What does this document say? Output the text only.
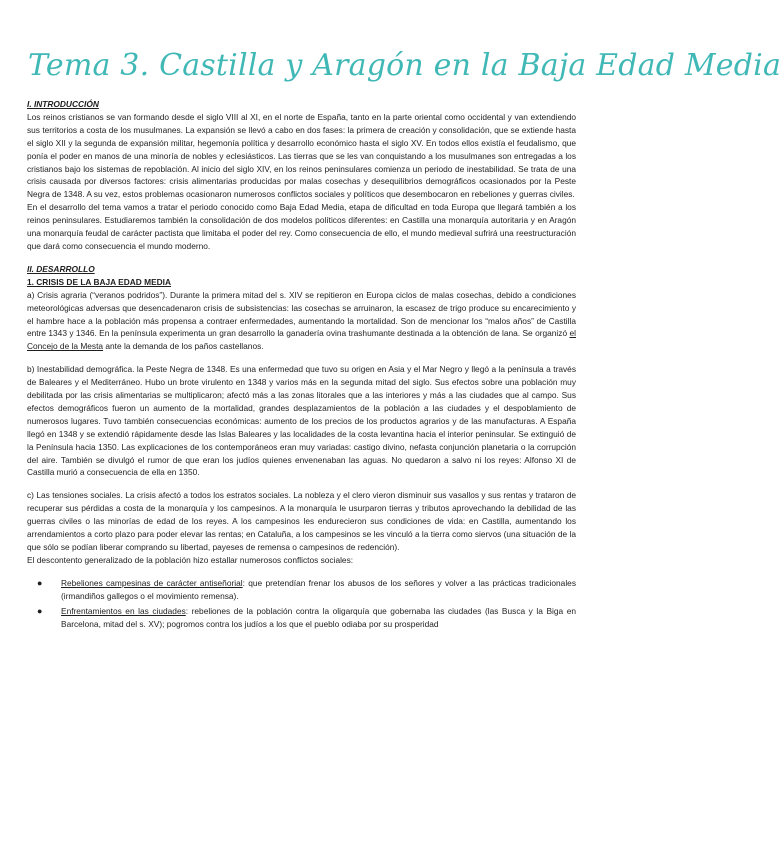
Tema 3. Castilla y Aragón en la Baja Edad Media

I. INTRODUCCIÓN

Los reinos cristianos se van formando desde el siglo VIII al XI, en el norte de España, tanto en la parte oriental como occidental y van extendiendo sus territorios a costa de los musulmanes. La expansión se llevó a cabo en dos fases: la primera de creación y consolidación, que se extiende hasta el siglo XII y la segunda de expansión militar, hegemonía política y desarrollo económico hasta el siglo XV. En todos ellos existía el feudalismo, que ponía el poder en manos de una minoría de nobles y eclesiásticos. Las tierras que se les van conquistando a los musulmanes son entregadas a los cristianos bajo los sistemas de repoblación. Al inicio del siglo XIV, en los reinos peninsulares comienza un periodo de inestabilidad. Se trata de una crisis causada por diversos factores: crisis alimentarias producidas por malas cosechas y desequilibrios demográficos ocasionados por la Peste Negra de 1348. A su vez, estos problemas ocasionaron numerosos conflictos sociales y políticos que desembocaron en rebeliones y guerras civiles.

En el desarrollo del tema vamos a tratar el periodo conocido como Baja Edad Media, etapa de dificultad en toda Europa que llegará también a los reinos peninsulares. Estudiaremos también la consolidación de dos modelos políticos diferentes: en Castilla una monarquía autoritaria y en Aragón una monarquía feudal de carácter pactista que limitaba el poder del rey. Como consecuencia de ello, el mundo medieval sufrirá una reestructuración que dará como consecuencia el mundo moderno.

II. DESARROLLO

1. CRISIS DE LA BAJA EDAD MEDIA

a) Crisis agraria (“veranos podridos”). Durante la primera mitad del s. XIV se repitieron en Europa ciclos de malas cosechas, debido a condiciones meteorológicas adversas que desencadenaron crisis de subsistencias: las cosechas se arruinaron, la escasez de trigo produce su encarecimiento y el hambre hace a la población más propensa a contraer enfermedades, aumentando la mortalidad. Son de mencionar los “malos años” de Castilla entre 1343 y 1346. En la península experimenta un gran desarrollo la ganadería ovina trashumante destinada a la obtención de lana. Se organizó el Concejo de la Mesta ante la demanda de los paños castellanos.

b) Inestabilidad demográfica. la Peste Negra de 1348. Es una enfermedad que tuvo su origen en Asia y el Mar Negro y llegó a la península a través de Baleares y el Mediterráneo. Hubo un brote virulento en 1348 y varios más en la segunda mitad del siglo. Sus efectos sobre una población muy debilitada por las crisis alimentarias se multiplicaron; afectó más a las zonas litorales que a las interiores y más a las ciudades que al campo. Sus efectos demográficos fueron un aumento de la mortalidad, grandes desplazamientos de la población a las ciudades y el despoblamiento de numerosos lugares. Tuvo también consecuencias económicas: aumento de los precios de los productos agrarios y de las manufacturas. A España llegó en 1348 y se extendió rápidamente desde las Islas Baleares y las localidades de la costa levantina hacia el interior peninsular. Se extinguió de la Península hacia 1350. Las explicaciones de los contemporáneos eran muy variadas: castigo divino, nefasta conjunción planetaria o la corrupción del aire. También se divulgó el rumor de que eran los judíos quienes envenenaban las aguas. No quedaron a salvo ni los reyes: Alfonso XI de Castilla murió a consecuencia de ella en 1350.

c) Las tensiones sociales. La crisis afectó a todos los estratos sociales. La nobleza y el clero vieron disminuir sus vasallos y sus rentas y trataron de recuperar sus pérdidas a costa de la monarquía y los campesinos. A la monarquía le usurparon tierras y tributos aprovechando la debilidad de las guerras civiles o las minorías de edad de los reyes. A los campesinos les endurecieron sus condiciones de vida: en Castilla, aumentando los arrendamientos a corto plazo para poder elevar las rentas; en Cataluña, a los campesinos se les vinculó a la tierra como siervos (una situación de la que sólo se podían liberar comprando su libertad, payeses de remensa o campesinos de redención).

El descontento generalizado de la población hizo estallar numerosos conflictos sociales:

● Rebeliones campesinas de carácter antiseñorial: que pretendían frenar los abusos de los señores y volver a las prácticas tradicionales (irmandiños gallegos o el movimiento remensa).
● Enfrentamientos en las ciudades: rebeliones de la población contra la oligarquía que gobernaba las ciudades (las Busca y la Biga en Barcelona, mitad del s. XV); pogromos contra los judíos a los que el pueblo odiaba por su prosperidad
